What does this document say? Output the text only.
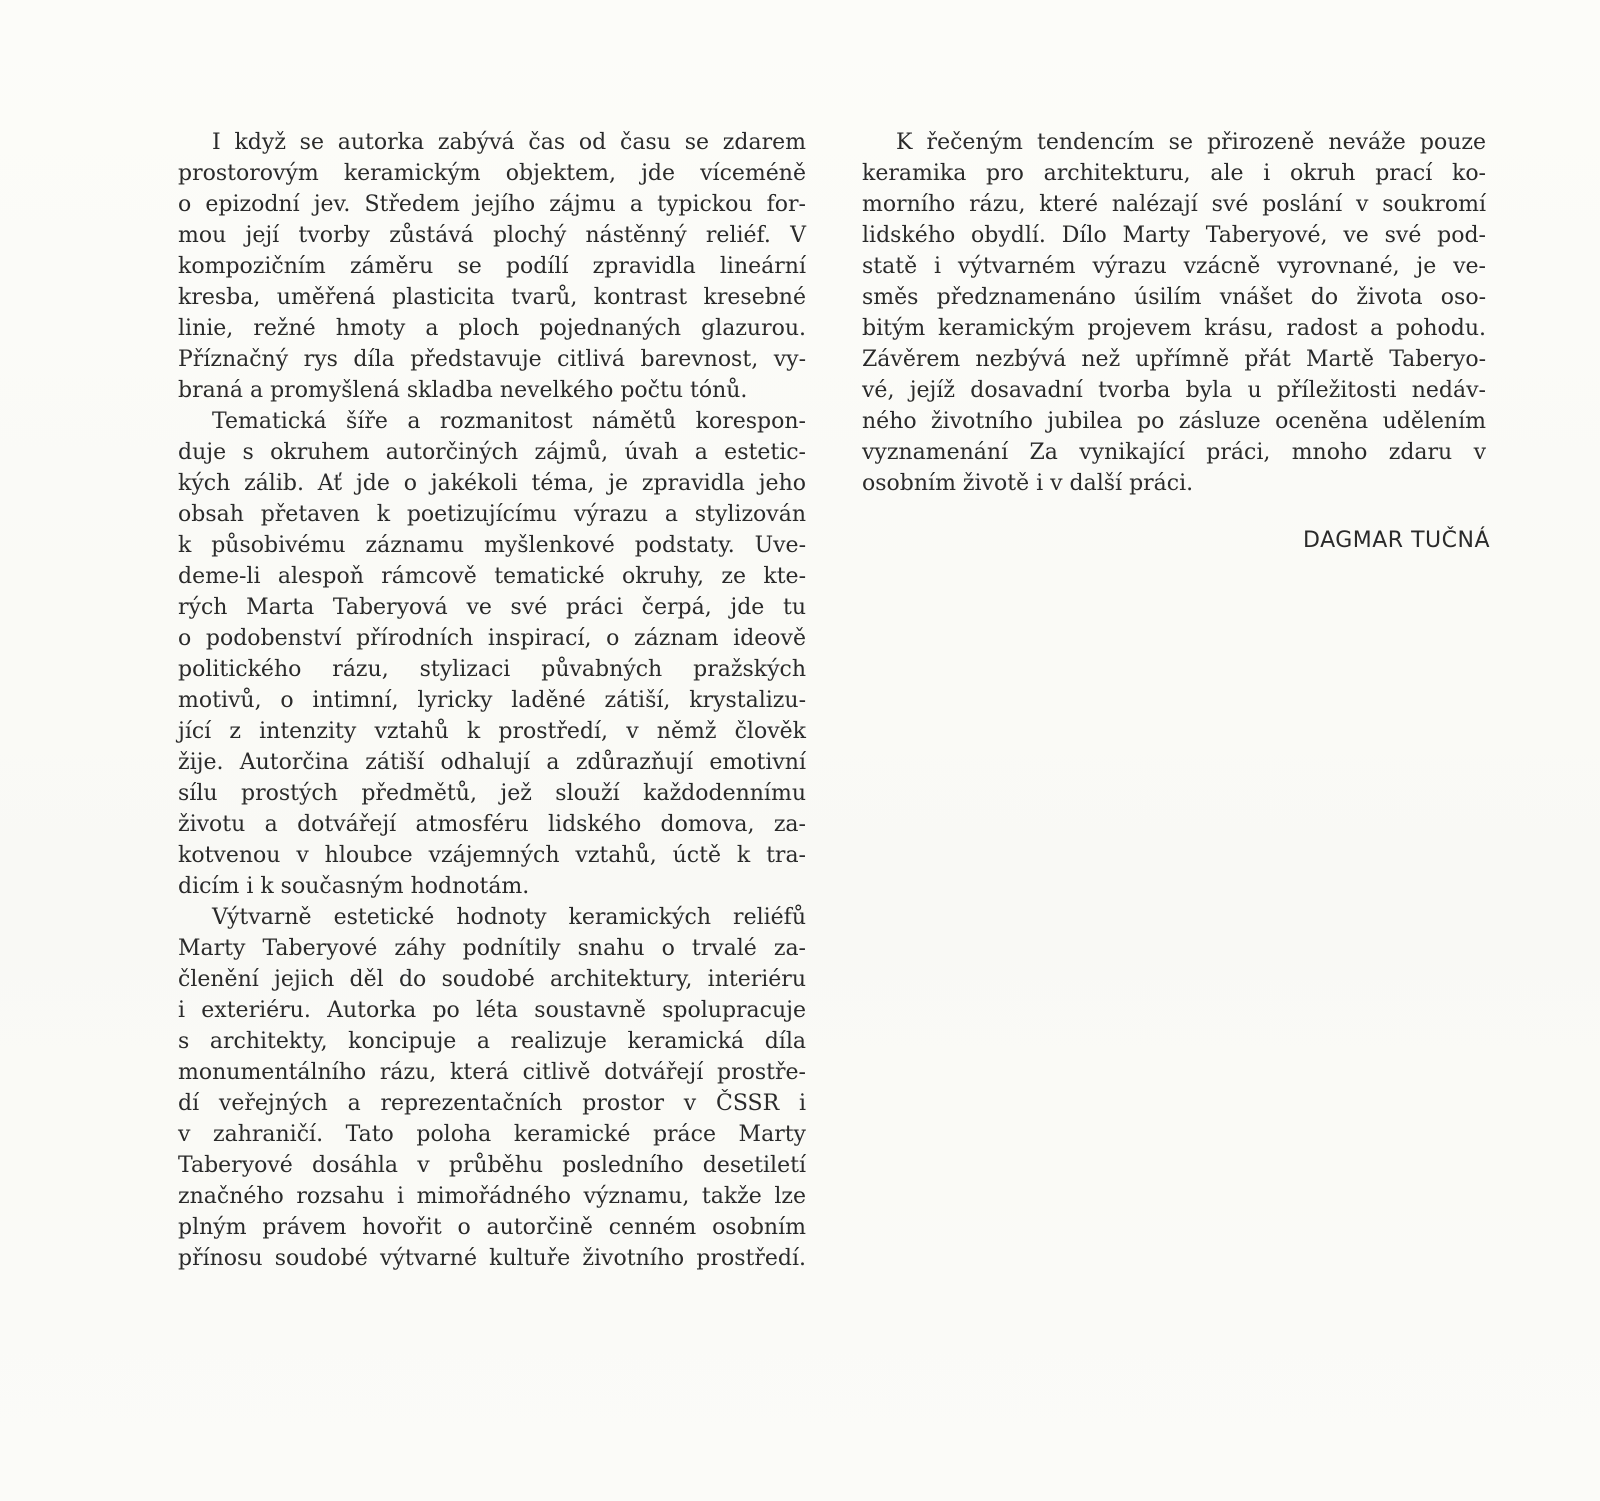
I když se autorka zabývá čas od času se zdarem
prostorovým keramickým objektem, jde víceméně
o epizodní jev. Středem jejího zájmu a typickou for-
mou její tvorby zůstává plochý nástěnný reliéf. V
kompozičním záměru se podílí zpravidla lineární
kresba, uměřená plasticita tvarů, kontrast kresebné
linie, režné hmoty a ploch pojednaných glazurou.
Příznačný rys díla představuje citlivá barevnost, vy-
braná a promyšlená skladba nevelkého počtu tónů.
Tematická šíře a rozmanitost námětů korespon-
duje s okruhem autorčiných zájmů, úvah a estetic-
kých zálib. Ať jde o jakékoli téma, je zpravidla jeho
obsah přetaven k poetizujícímu výrazu a stylizován
k působivému záznamu myšlenkové podstaty. Uve-
deme-li alespoň rámcově tematické okruhy, ze kte-
rých Marta Taberyová ve své práci čerpá, jde tu
o podobenství přírodních inspirací, o záznam ideově
politického rázu, stylizaci půvabných pražských
motivů, o intimní, lyricky laděné zátiší, krystalizu-
jící z intenzity vztahů k prostředí, v němž člověk
žije. Autorčina zátiší odhalují a zdůrazňují emotivní
sílu prostých předmětů, jež slouží každodennímu
životu a dotvářejí atmosféru lidského domova, za-
kotvenou v hloubce vzájemných vztahů, úctě k tra-
dicím i k současným hodnotám.
Výtvarně estetické hodnoty keramických reliéfů
Marty Taberyové záhy podnítily snahu o trvalé za-
členění jejich děl do soudobé architektury, interiéru
i exteriéru. Autorka po léta soustavně spolupracuje
s architekty, koncipuje a realizuje keramická díla
monumentálního rázu, která citlivě dotvářejí prostře-
dí veřejných a reprezentačních prostor v ČSSR i
v zahraničí. Tato poloha keramické práce Marty
Taberyové dosáhla v průběhu posledního desetiletí
značného rozsahu i mimořádného významu, takže lze
plným právem hovořit o autorčině cenném osobním
přínosu soudobé výtvarné kultuře životního prostředí.
K řečeným tendencím se přirozeně neváže pouze
keramika pro architekturu, ale i okruh prací ko-
morního rázu, které nalézají své poslání v soukromí
lidského obydlí. Dílo Marty Taberyové, ve své pod-
statě i výtvarném výrazu vzácně vyrovnané, je ve-
směs předznamenáno úsilím vnášet do života oso-
bitým keramickým projevem krásu, radost a pohodu.
Závěrem nezbývá než upřímně přát Martě Taberyo-
vé, jejíž dosavadní tvorba byla u příležitosti nedáv-
ného životního jubilea po zásluze oceněna udělením
vyznamenání Za vynikající práci, mnoho zdaru v
osobním životě i v další práci.
DAGMAR TUČNÁ
